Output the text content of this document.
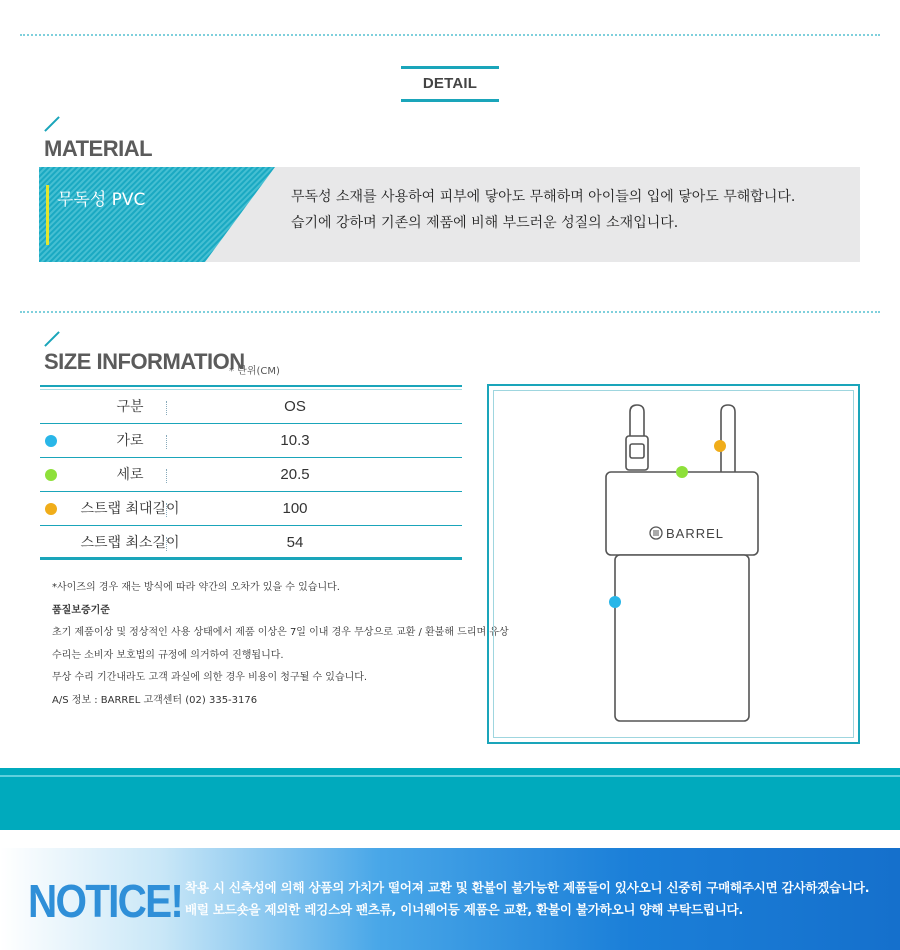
DETAIL
MATERIAL
무독성 PVC	무독성 소재를 사용하여 피부에 닿아도 무해하며 아이들의 입에 닿아도 무해합니다.
습기에 강하며 기존의 제품에 비해 부드러운 성질의 소재입니다.
SIZE INFORMATION
* 단위(CM)
구분	OS
가로	10.3
세로	20.5
스트랩 최대길이	100
스트랩 최소길이	54

*사이즈의 경우 재는 방식에 따라 약간의 오차가 있을 수 있습니다.

품질보증기준

초기 제품이상 및 정상적인 사용 상태에서 제품 이상은 7일 이내 경우 무상으로 교환 / 환불해 드리며 유상

수리는 소비자 보호법의 규정에 의거하여 진행됩니다.

무상 수리 기간내라도 고객 과실에 의한 경우 비용이 청구될 수 있습니다.

A/S 정보 : BARREL 고객센터 (02) 335-3176

BARREL
NOTICE! 착용 시 신축성에 의해 상품의 가치가 떨어져 교환 및 환불이 불가능한 제품들이 있사오니 신중히 구매해주시면 감사하겠습니다.
배럴 보드숏을 제외한 레깅스와 팬츠류, 이너웨어등 제품은 교환, 환불이 불가하오니 양해 부탁드립니다.
